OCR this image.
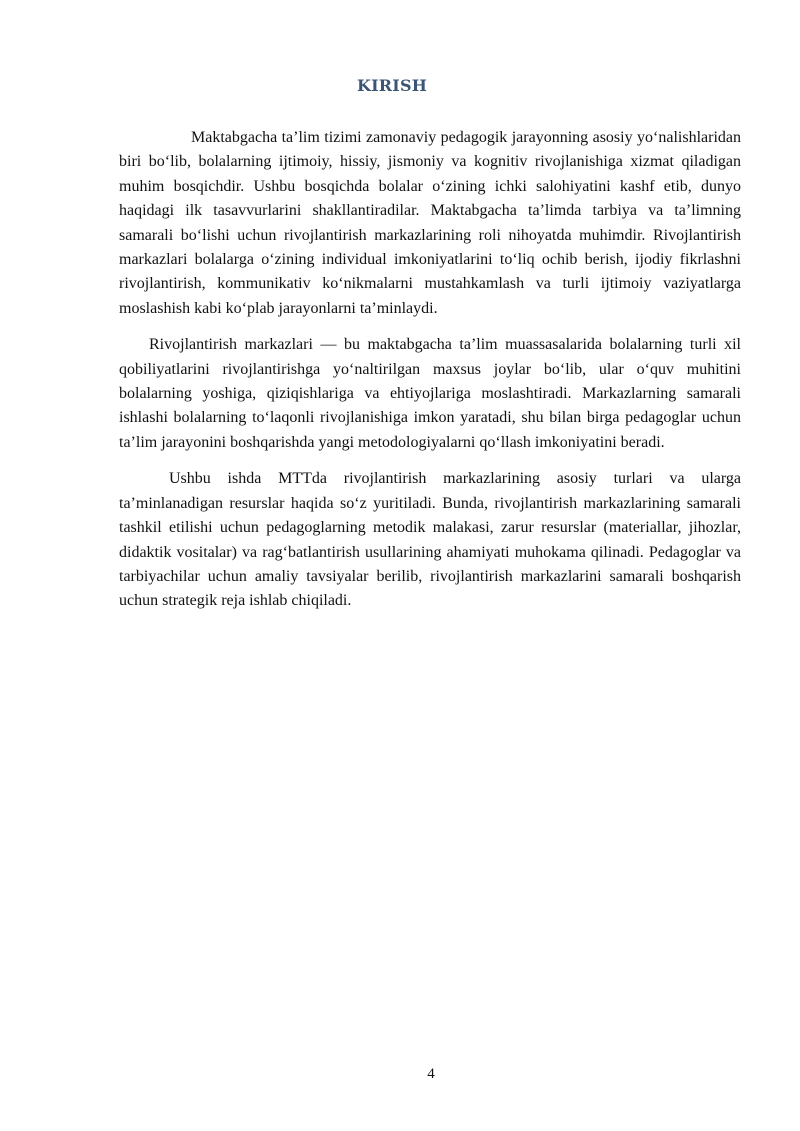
KIRISH

Maktabgacha ta’lim tizimi zamonaviy pedagogik jarayonning asosiy yo‘nalishlaridan biri bo‘lib, bolalarning ijtimoiy, hissiy, jismoniy va kognitiv rivojlanishiga xizmat qiladigan muhim bosqichdir. Ushbu bosqichda bolalar o‘zining ichki salohiyatini kashf etib, dunyo haqidagi ilk tasavvurlarini shakllantiradilar. Maktabgacha ta’limda tarbiya va ta’limning samarali bo‘lishi uchun rivojlantirish markazlarining roli nihoyatda muhimdir. Rivojlantirish markazlari bolalarga o‘zining individual imkoniyatlarini to‘liq ochib berish, ijodiy fikrlashni rivojlantirish, kommunikativ ko‘nikmalarni mustahkamlash va turli ijtimoiy vaziyatlarga moslashish kabi ko‘plab jarayonlarni ta’minlaydi.

Rivojlantirish markazlari — bu maktabgacha ta’lim muassasalarida bolalarning turli xil qobiliyatlarini rivojlantirishga yo‘naltirilgan maxsus joylar bo‘lib, ular o‘quv muhitini bolalarning yoshiga, qiziqishlariga va ehtiyojlariga moslashtiradi. Markazlarning samarali ishlashi bolalarning to‘laqonli rivojlanishiga imkon yaratadi, shu bilan birga pedagoglar uchun ta’lim jarayonini boshqarishda yangi metodologiyalarni qo‘llash imkoniyatini beradi.

Ushbu ishda MTTda rivojlantirish markazlarining asosiy turlari va ularga ta’minlanadigan resurslar haqida so‘z yuritiladi. Bunda, rivojlantirish markazlarining samarali tashkil etilishi uchun pedagoglarning metodik malakasi, zarur resurslar (materiallar, jihozlar, didaktik vositalar) va rag‘batlantirish usullarining ahamiyati muhokama qilinadi. Pedagoglar va tarbiyachilar uchun amaliy tavsiyalar berilib, rivojlantirish markazlarini samarali boshqarish uchun strategik reja ishlab chiqiladi.

4
